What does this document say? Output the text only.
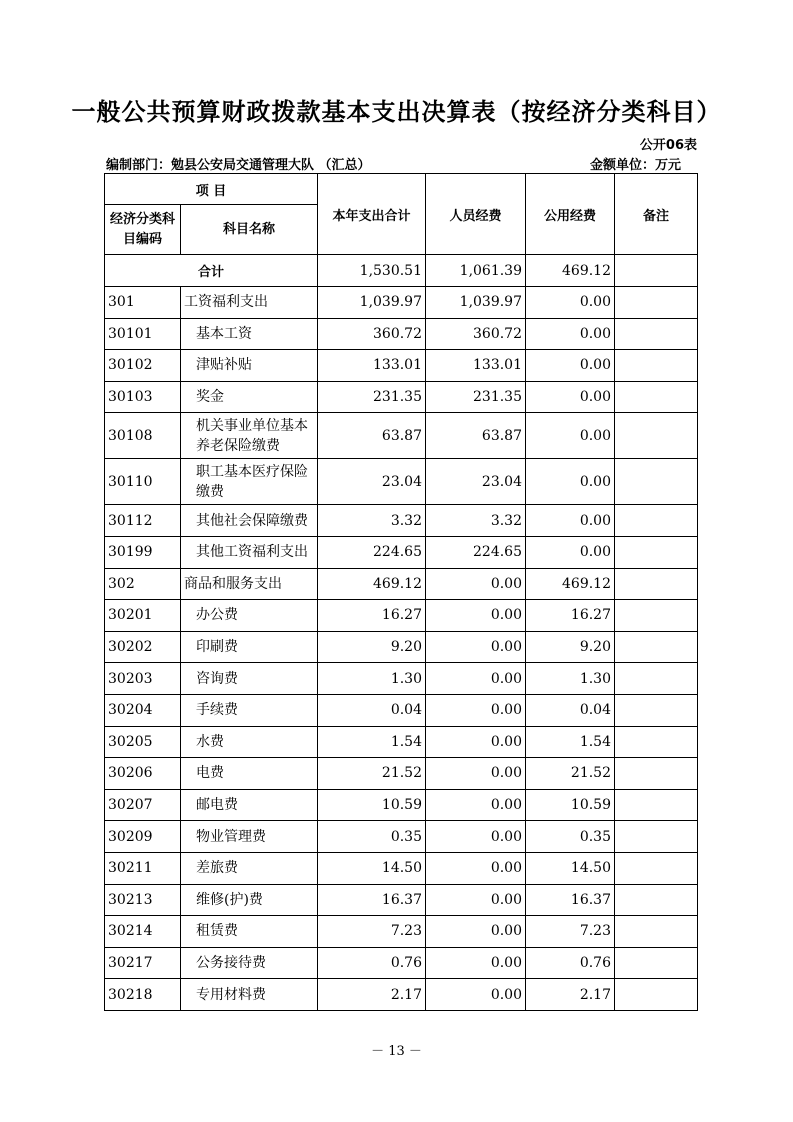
一般公共预算财政拨款基本支出决算表（按经济分类科目）
公开06表
编制部门：勉县公安局交通管理大队 （汇总）	金额单位：万元
项 目		本年支出合计	人员经费	公用经费	备注
经济分类科目编码	科目名称				
合计		1,530.51	1,061.39	469.12	
301	工资福利支出	1,039.97	1,039.97	0.00	
30101	基本工资	360.72	360.72	0.00	
30102	津贴补贴	133.01	133.01	0.00	
30103	奖金	231.35	231.35	0.00	
30108	机关事业单位基本养老保险缴费	63.87	63.87	0.00	
30110	职工基本医疗保险缴费	23.04	23.04	0.00	
30112	其他社会保障缴费	3.32	3.32	0.00	
30199	其他工资福利支出	224.65	224.65	0.00	
302	商品和服务支出	469.12	0.00	469.12	
30201	办公费	16.27	0.00	16.27	
30202	印刷费	9.20	0.00	9.20	
30203	咨询费	1.30	0.00	1.30	
30204	手续费	0.04	0.00	0.04	
30205	水费	1.54	0.00	1.54	
30206	电费	21.52	0.00	21.52	
30207	邮电费	10.59	0.00	10.59	
30209	物业管理费	0.35	0.00	0.35	
30211	差旅费	14.50	0.00	14.50	
30213	维修(护)费	16.37	0.00	16.37	
30214	租赁费	7.23	0.00	7.23	
30217	公务接待费	0.76	0.00	0.76	
30218	专用材料费	2.17	0.00	2.17	
－ 13 －
